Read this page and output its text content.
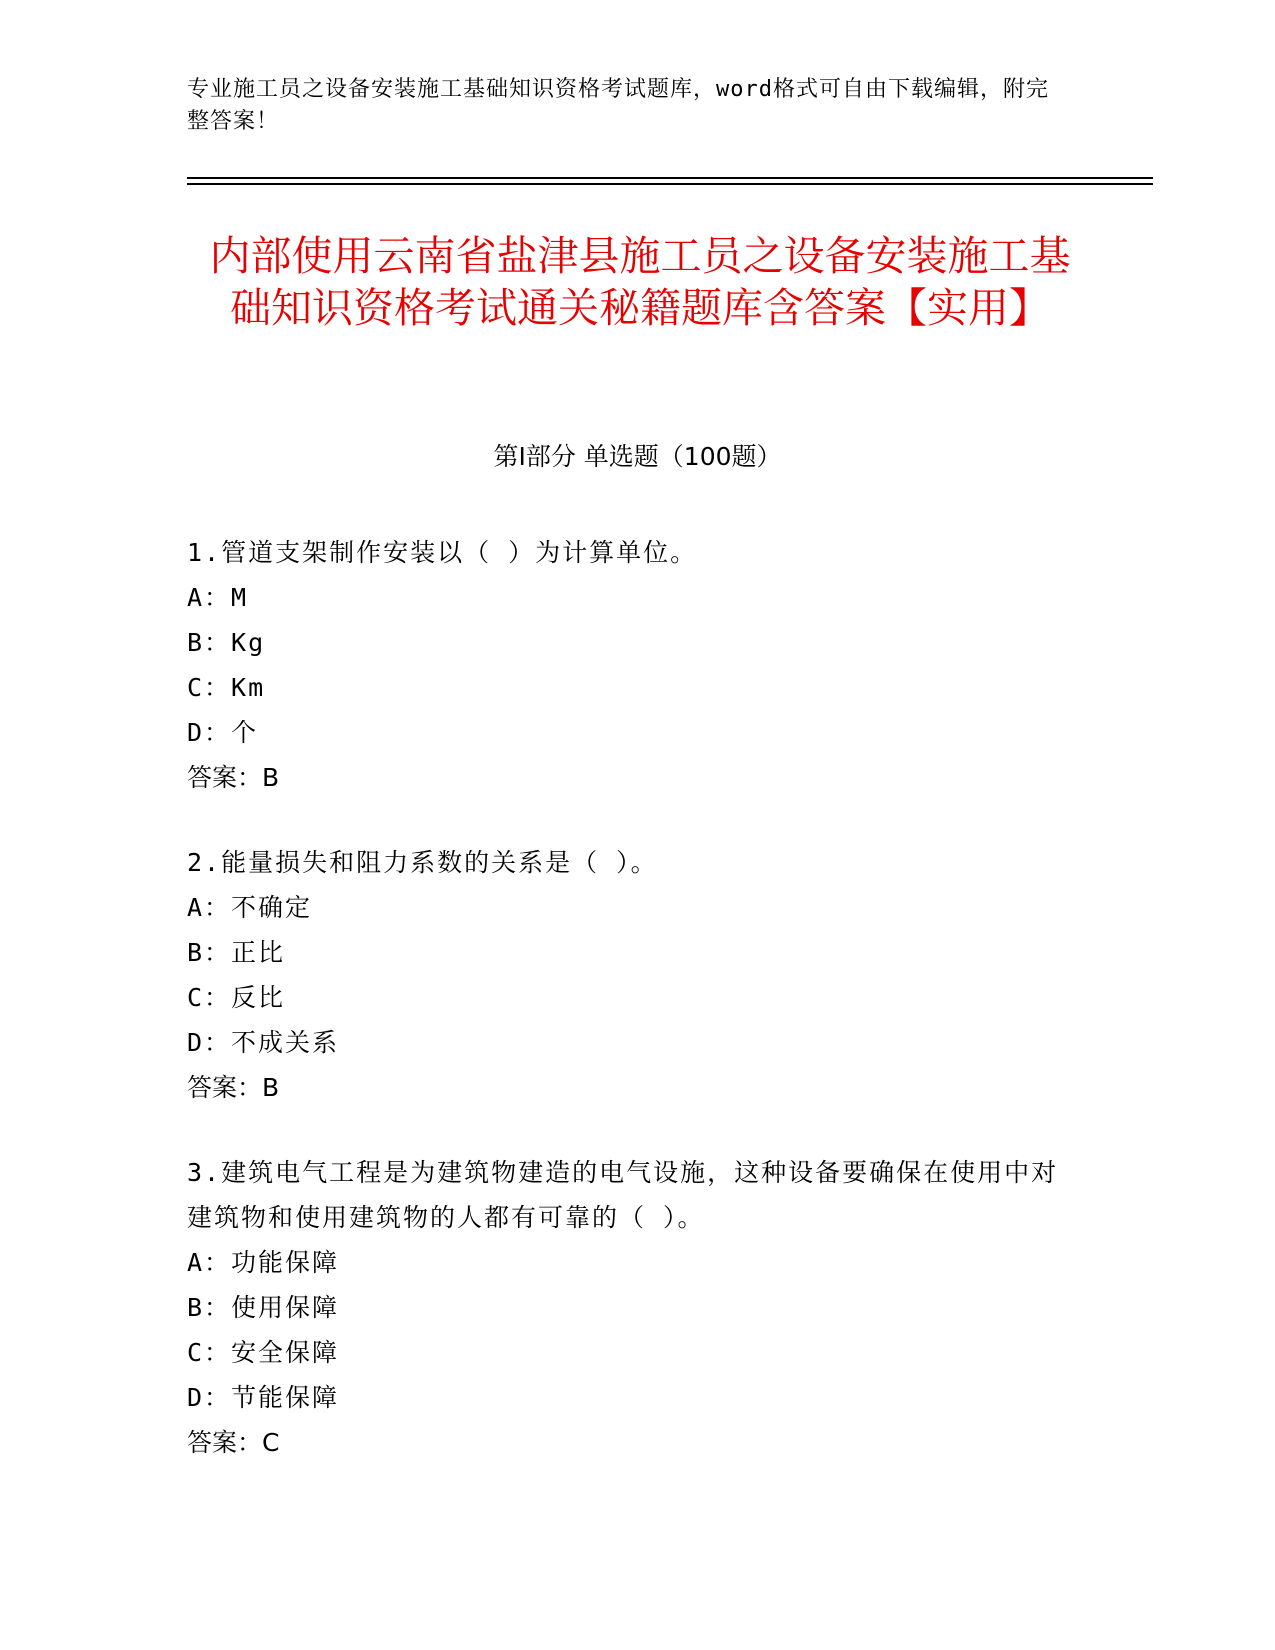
专业施工员之设备安装施工基础知识资格考试题库，word格式可自由下载编辑，附完整答案！
内部使用云南省盐津县施工员之设备安装施工基础知识资格考试通关秘籍题库含答案【实用】
第Ⅰ部分 单选题（100题）
1.管道支架制作安装以（ ）为计算单位。
A：M
B：Kg
C：Km
D：个
答案：B
2.能量损失和阻力系数的关系是（ ）。
A：不确定
B：正比
C：反比
D：不成关系
答案：B
3.建筑电气工程是为建筑物建造的电气设施，这种设备要确保在使用中对建筑物和使用建筑物的人都有可靠的（ ）。
A：功能保障
B：使用保障
C：安全保障
D：节能保障
答案：C
